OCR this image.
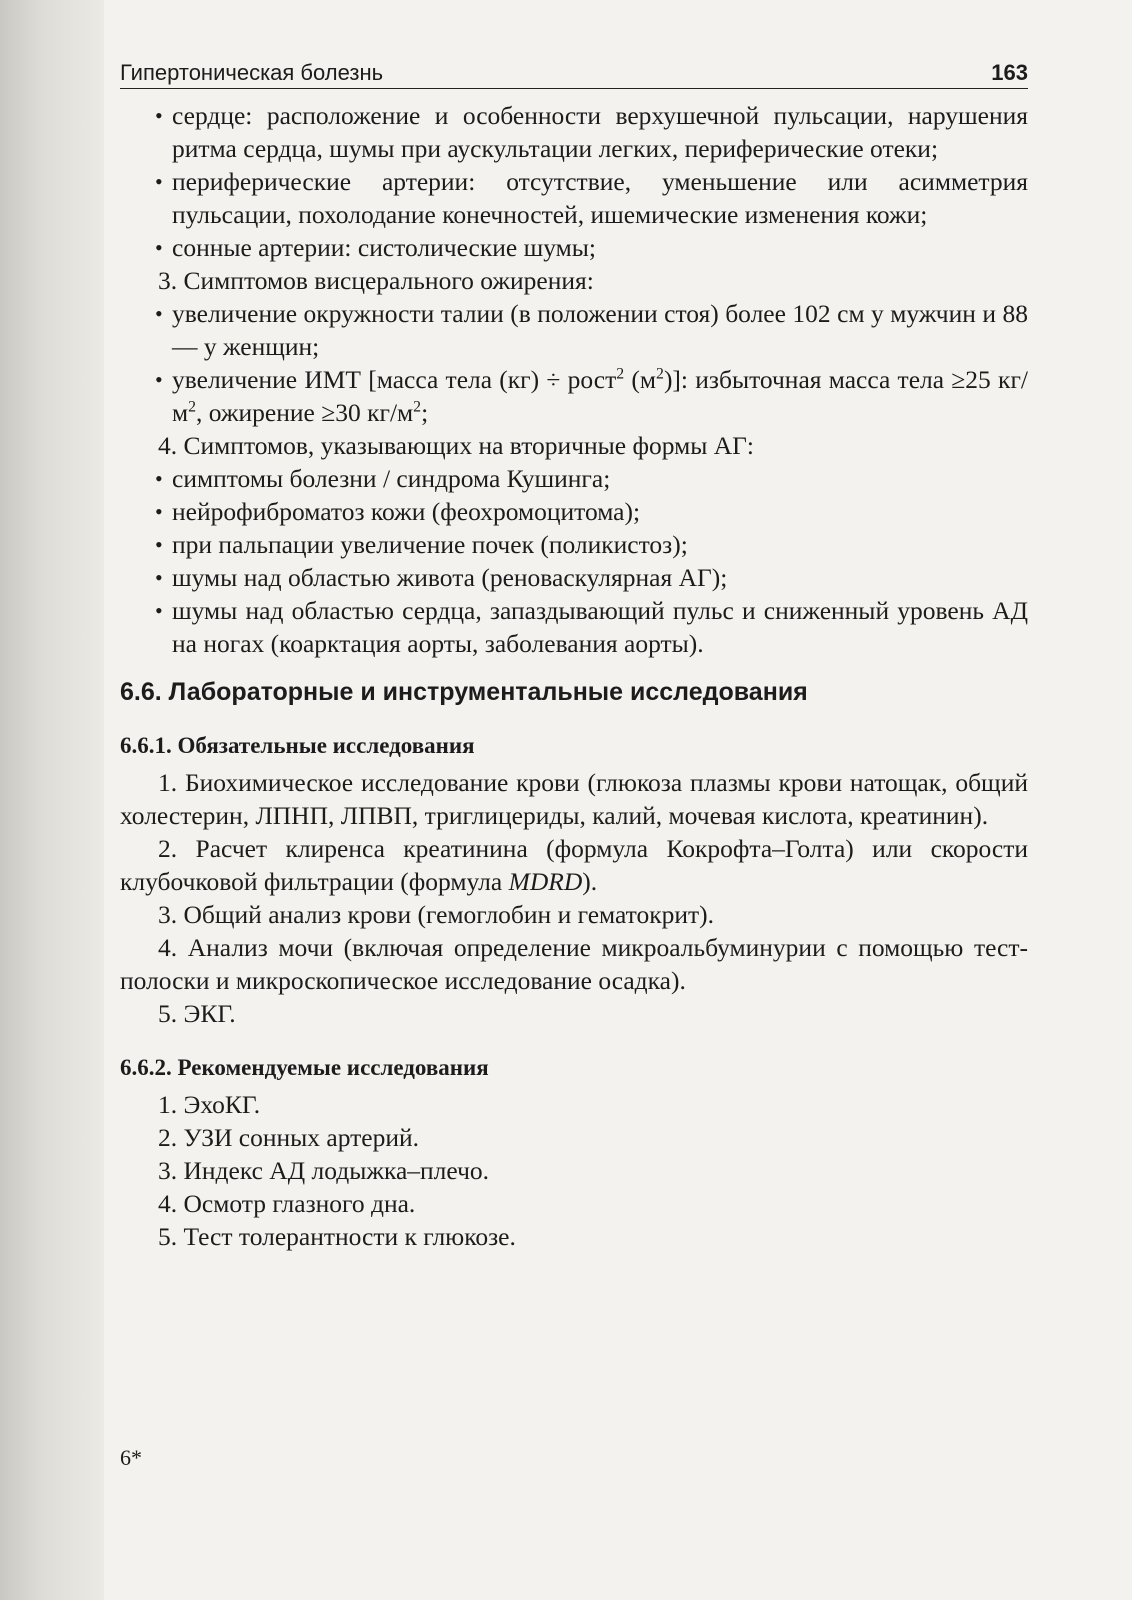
Гипертоническая болезнь	163
• сердце: расположение и особенности верхушечной пульсации, нарушения ритма сердца, шумы при аускультации легких, периферические отеки;
• периферические артерии: отсутствие, уменьшение или асимметрия пульсации, похолодание конечностей, ишемические изменения кожи;
• сонные артерии: систолические шумы;

3. Симптомов висцерального ожирения:

• увеличение окружности талии (в положении стоя) более 102 см у мужчин и 88 — у женщин;
• увеличение ИМТ [масса тела (кг) ÷ рост$^2$ $(м^2)$]: избыточная масса тела ≥25 $кг/м^2$, ожирение ≥30 $кг/м^2$;

4. Симптомов, указывающих на вторичные формы АГ:

• симптомы болезни / синдрома Кушинга;
• нейрофиброматоз кожи (феохромоцитома);
• при пальпации увеличение почек (поликистоз);
• шумы над областью живота (реноваскулярная АГ);
• шумы над областью сердца, запаздывающий пульс и сниженный уровень АД на ногах (коарктация аорты, заболевания аорты).
6.6. Лабораторные и инструментальные исследования
6.6.1. Обязательные исследования

1. Биохимическое исследование крови (глюкоза плазмы крови натощак, общий холестерин, ЛПНП, ЛПВП, триглицериды, калий, мочевая кислота, креатинин).

2. Расчет клиренса креатинина (формула Кокрофта–Голта) или скорости клубочковой фильтрации (формула MDRD).

3. Общий анализ крови (гемоглобин и гематокрит).

4. Анализ мочи (включая определение микроальбуминурии с помощью тест-полоски и микроскопическое исследование осадка).

5. ЭКГ.

6.6.2. Рекомендуемые исследования

1. ЭхоКГ.

2. УЗИ сонных артерий.

3. Индекс АД лодыжка–плечо.

4. Осмотр глазного дна.

5. Тест толерантности к глюкозе.

6*
